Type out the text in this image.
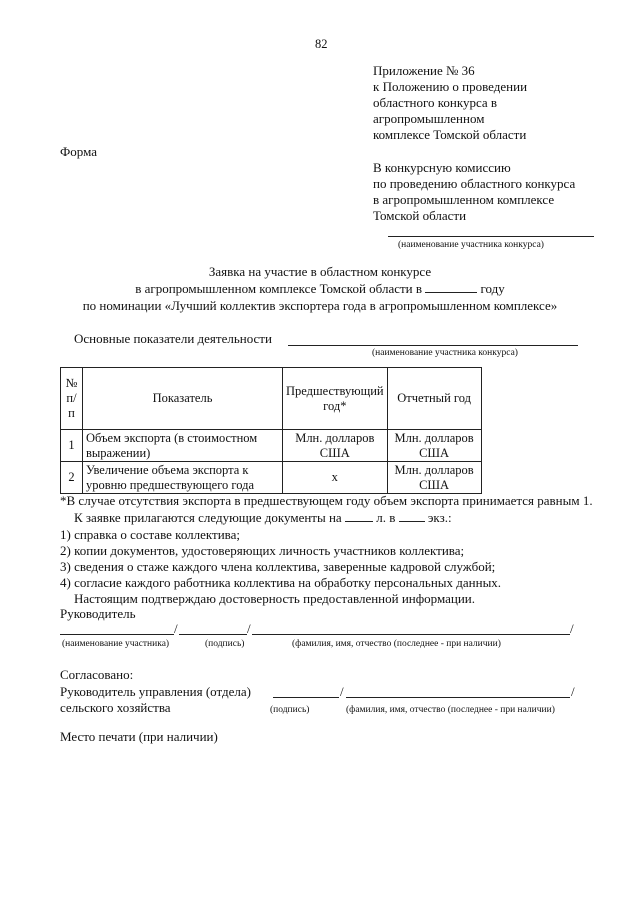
82
Приложение № 36
к Положению о проведении
областного конкурса в
агропромышленном
комплексе Томской области
Форма
В конкурсную комиссию
по проведению областного конкурса
в агропромышленном комплексе
Томской области
(наименование участника конкурса)
Заявка на участие в областном конкурсе
в агропромышленном комплексе Томской области в	году
по номинации «Лучший коллектив экспортера года в агропромышленном комплексе»
Основные показатели деятельности
(наименование участника конкурса)
№ п/п	Показатель	Предшествующий год*	Отчетный год
1	Объем экспорта (в стоимостном выражении)	Млн. долларов США	Млн. долларов США
2	Увеличение объема экспорта к уровню предшествующего года	x	Млн. долларов США
*В случае отсутствия экспорта в предшествующем году объем экспорта принимается равным 1.
К заявке прилагаются следующие документы на	л. в	экз.:
1) справка о составе коллектива;
2) копии документов, удостоверяющих личность участников коллектива;
3) сведения о стаже каждого члена коллектива, заверенные кадровой службой;
4) согласие каждого работника коллектива на обработку персональных данных.
Настоящим подтверждаю достоверность предоставленной информации.
Руководитель
/	/	/
(наименование участника)	(подпись)	(фамилия, имя, отчество (последнее - при наличии)
Согласовано:
Руководитель управления (отдела)	/	/
сельского хозяйства	(подпись)	(фамилия, имя, отчество (последнее - при наличии)
Место печати (при наличии)
